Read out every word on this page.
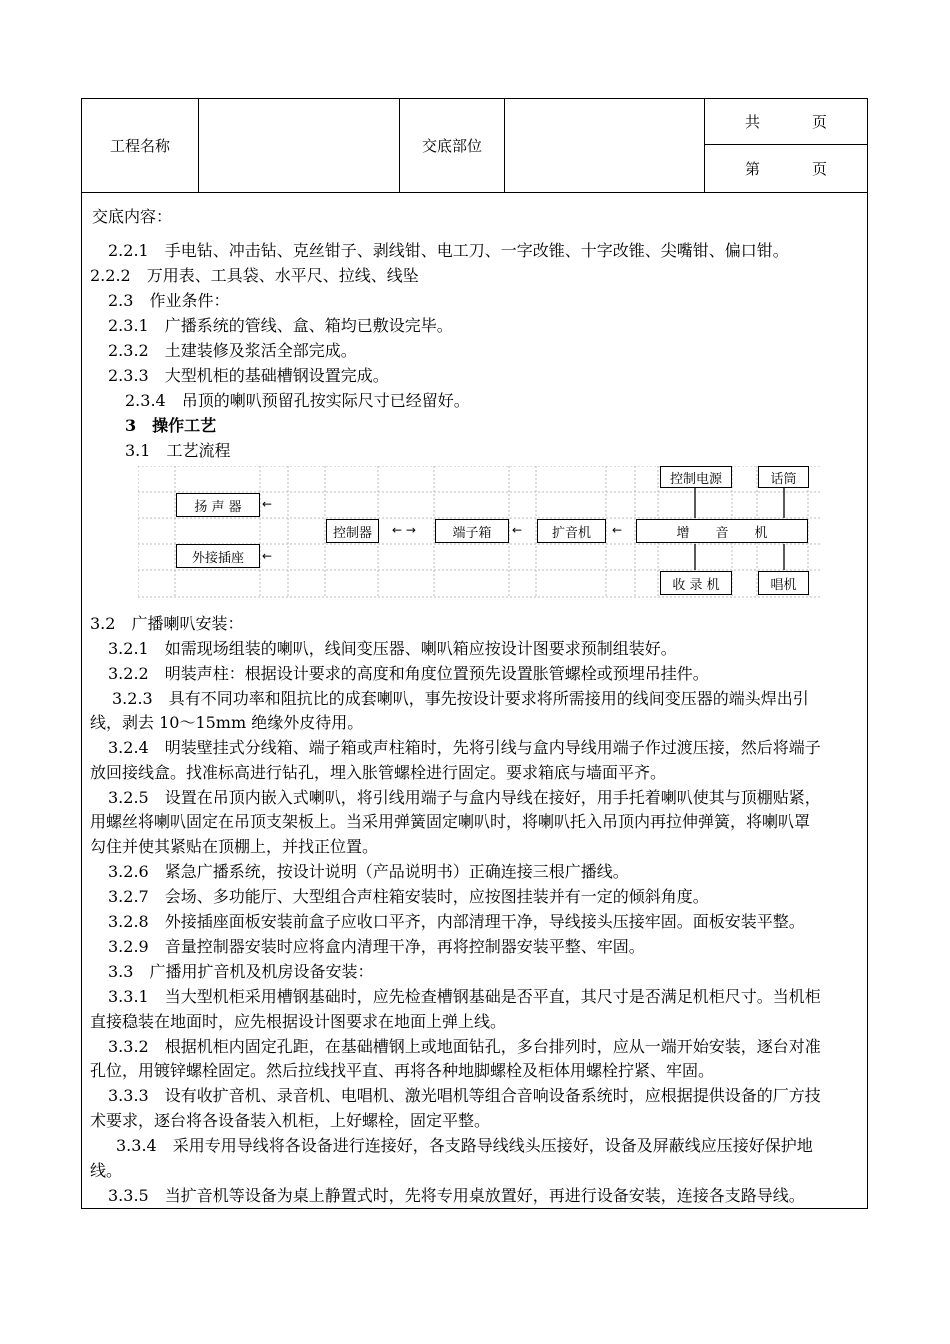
工程名称	交底部位
共	页
第	页
交底内容：
2.2.1　手电钻、冲击钻、克丝钳子、剥线钳、电工刀、一字改锥、十字改锥、尖嘴钳、偏口钳。
2.2.2　万用表、工具袋、水平尺、拉线、线坠
2.3　作业条件：
2.3.1　广播系统的管线、盒、箱均已敷设完毕。
2.3.2　土建装修及浆活全部完成。
2.3.3　大型机柜的基础槽钢设置完成。
2.3.4　吊顶的喇叭预留孔按实际尺寸已经留好。
3　操作工艺
3.1　工艺流程
控制电源	话筒
扬 声 器
控制器	端子箱	扩音机	增　　音　　机
外接插座
收 录 机	唱机
←
←
← →	←	←
3.2　广播喇叭安装：
3.2.1　如需现场组装的喇叭，线间变压器、喇叭箱应按设计图要求预制组装好。
3.2.2　明装声柱：根据设计要求的高度和角度位置预先设置胀管螺栓或预埋吊挂件。
3.2.3　具有不同功率和阻抗比的成套喇叭，事先按设计要求将所需接用的线间变压器的端头焊出引
线，剥去 10～15mm 绝缘外皮待用。
3.2.4　明装壁挂式分线箱、端子箱或声柱箱时，先将引线与盒内导线用端子作过渡压接，然后将端子
放回接线盒。找准标高进行钻孔，埋入胀管螺栓进行固定。要求箱底与墙面平齐。
3.2.5　设置在吊顶内嵌入式喇叭，将引线用端子与盒内导线在接好，用手托着喇叭使其与顶棚贴紧，
用螺丝将喇叭固定在吊顶支架板上。当采用弹簧固定喇叭时，将喇叭托入吊顶内再拉伸弹簧，将喇叭罩
勾住并使其紧贴在顶棚上，并找正位置。
3.2.6　紧急广播系统，按设计说明（产品说明书）正确连接三根广播线。
3.2.7　会场、多功能厅、大型组合声柱箱安装时，应按图挂装并有一定的倾斜角度。
3.2.8　外接插座面板安装前盒子应收口平齐，内部清理干净，导线接头压接牢固。面板安装平整。
3.2.9　音量控制器安装时应将盒内清理干净，再将控制器安装平整、牢固。
3.3　广播用扩音机及机房设备安装：
3.3.1　当大型机柜采用槽钢基础时，应先检查槽钢基础是否平直，其尺寸是否满足机柜尺寸。当机柜
直接稳装在地面时，应先根据设计图要求在地面上弹上线。
3.3.2　根据机柜内固定孔距，在基础槽钢上或地面钻孔，多台排列时，应从一端开始安装，逐台对准
孔位，用镀锌螺栓固定。然后拉线找平直、再将各种地脚螺栓及柜体用螺栓拧紧、牢固。
3.3.3　设有收扩音机、录音机、电唱机、激光唱机等组合音响设备系统时，应根据提供设备的厂方技
术要求，逐台将各设备装入机柜，上好螺栓，固定平整。
3.3.4　采用专用导线将各设备进行连接好，各支路导线线头压接好，设备及屏蔽线应压接好保护地
线。
3.3.5　当扩音机等设备为桌上静置式时，先将专用桌放置好，再进行设备安装，连接各支路导线。
